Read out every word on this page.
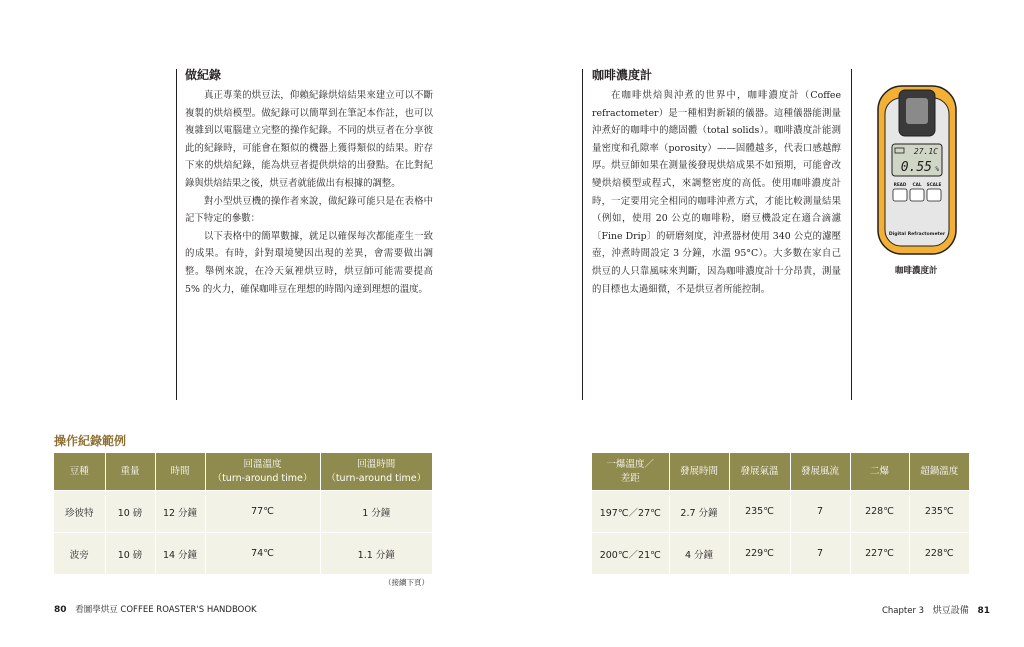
做紀錄

真正專業的烘豆法，仰賴紀錄烘焙結果來建立可以不斷複製的烘焙模型。做紀錄可以簡單到在筆記本作註，也可以複雜到以電腦建立完整的操作紀錄。不同的烘豆者在分享彼此的紀錄時，可能會在類似的機器上獲得類似的結果。貯存下來的烘焙紀錄，能為烘豆者提供烘焙的出發點。在比對紀錄與烘焙結果之後，烘豆者就能做出有根據的調整。

對小型烘豆機的操作者來說，做紀錄可能只是在表格中記下特定的參數：

以下表格中的簡單數據，就足以確保每次都能產生一致的成果。有時，針對環境變因出現的差異，會需要做出調整。舉例來說，在冷天氣裡烘豆時，烘豆師可能需要提高 5% 的火力，確保咖啡豆在理想的時間內達到理想的溫度。

咖啡濃度計

在咖啡烘焙與沖煮的世界中，咖啡濃度計（Coffee refractometer）是一種相對新穎的儀器。這種儀器能測量沖煮好的咖啡中的總固體（total solids）。咖啡濃度計能測量密度和孔隙率（porosity）——固體越多，代表口感越醇厚。烘豆師如果在測量後發現烘焙成果不如預期，可能會改變烘焙模型或程式，來調整密度的高低。使用咖啡濃度計時，一定要用完全相同的咖啡沖煮方式，才能比較測量結果（例如，使用 20 公克的咖啡粉，磨豆機設定在適合滴濾〔Fine Drip〕的研磨刻度，沖煮器材使用 340 公克的濾壓壺，沖煮時間設定 3 分鐘，水溫 95°C）。大多數在家自己烘豆的人只靠風味來判斷，因為咖啡濃度計十分昂貴，測量的目標也太過細微，不是烘豆者所能控制。

27.1C
0.55 %
READ CAL SCALE
Digital Refractometer
咖啡濃度計
操作紀錄範例
豆種	重量	時間	回溫溫度
（turn-around time）	回溫時間
（turn-around time）
珍彼特	10 磅	12 分鐘	77℃	1 分鐘
波旁	10 磅	14 分鐘	74℃	1.1 分鐘
一爆溫度／
差距	發展時間	發展氣溫	發展風流	二爆	超鍋溫度
197℃／27℃	2.7 分鐘	235℃	7	228℃	235℃
200℃／21℃	4 分鐘	229℃	7	227℃	228℃
（接續下頁）
80 看圖學烘豆 COFFEE ROASTER'S HANDBOOK	Chapter 3 烘豆設備 81
